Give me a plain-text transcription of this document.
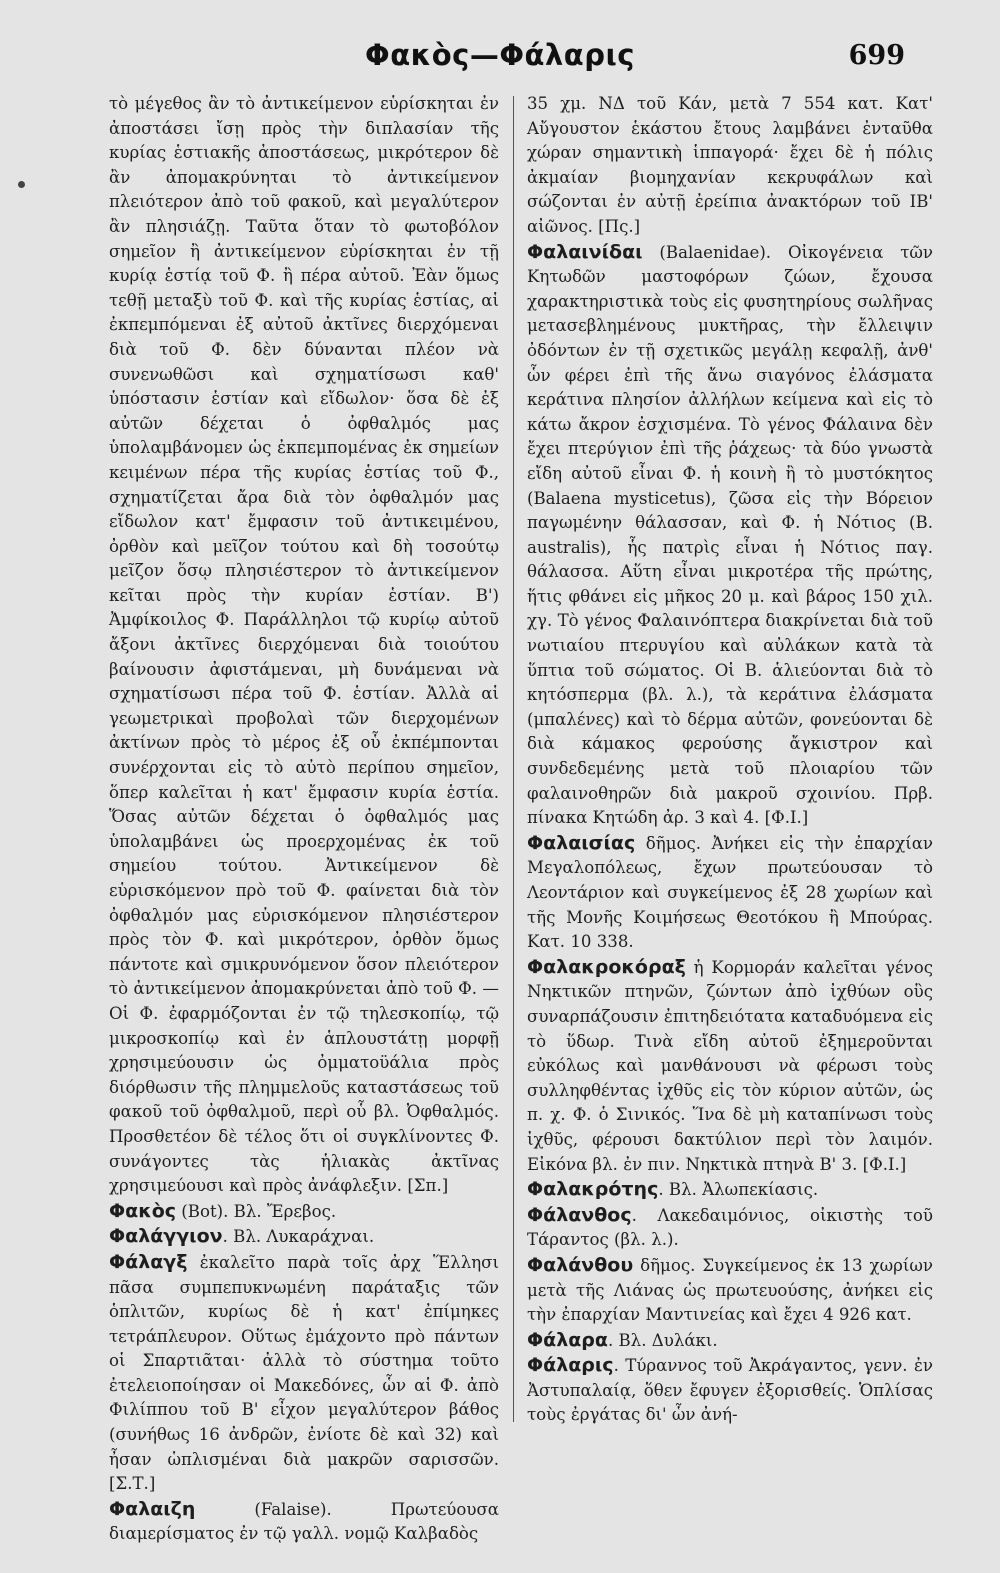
Φακὸς—Φάλαρις	699

τὸ μέγεθος ἂν τὸ ἀντικείμενον εὑρίσκηται ἐν ἀποστάσει ἴσῃ πρὸς τὴν διπλασίαν τῆς κυρίας ἑστιακῆς ἀποστάσεως, μικρότερον δὲ ἂν ἀπομακρύνηται τὸ ἀντικείμενον πλειότερον ἀπὸ τοῦ φακοῦ, καὶ μεγαλύτερον ἂν πλησιάζῃ. Ταῦτα ὅταν τὸ φωτοβόλον σημεῖον ἢ ἀντικείμενον εὑρίσκηται ἐν τῇ κυρίᾳ ἑστίᾳ τοῦ Φ. ἢ πέρα αὐτοῦ. Ἐὰν ὅμως τεθῇ μεταξὺ τοῦ Φ. καὶ τῆς κυρίας ἑστίας, αἱ ἐκπεμπόμεναι ἐξ αὐτοῦ ἀκτῖνες διερχόμεναι διὰ τοῦ Φ. δὲν δύνανται πλέον νὰ συνενωθῶσι καὶ σχηματίσωσι καθ' ὑπόστασιν ἑστίαν καὶ εἴδωλον· ὅσα δὲ ἐξ αὐτῶν δέχεται ὁ ὀφθαλμός μας ὑπολαμβάνομεν ὡς ἐκπεμπομένας ἐκ σημείων κειμένων πέρα τῆς κυρίας ἑστίας τοῦ Φ., σχηματίζεται ἄρα διὰ τὸν ὀφθαλμόν μας εἴδωλον κατ' ἔμφασιν τοῦ ἀντικειμένου, ὀρθὸν καὶ μεῖζον τούτου καὶ δὴ τοσούτῳ μεῖζον ὅσῳ πλησιέστερον τὸ ἀντικείμενον κεῖται πρὸς τὴν κυρίαν ἑστίαν. Β') Ἀμφίκοιλος Φ. Παράλληλοι τῷ κυρίῳ αὐτοῦ ἄξονι ἀκτῖνες διερχόμεναι διὰ τοιούτου βαίνουσιν ἀφιστάμεναι, μὴ δυνάμεναι νὰ σχηματίσωσι πέρα τοῦ Φ. ἑστίαν. Ἀλλὰ αἱ γεωμετρικαὶ προβολαὶ τῶν διερχομένων ἀκτίνων πρὸς τὸ μέρος ἐξ οὗ ἐκπέμπονται συνέρχονται εἰς τὸ αὐτὸ περίπου σημεῖον, ὅπερ καλεῖται ἡ κατ' ἔμφασιν κυρία ἑστία. Ὅσας αὐτῶν δέχεται ὁ ὀφθαλμός μας ὑπολαμβάνει ὡς προερχομένας ἐκ τοῦ σημείου τούτου. Ἀντικείμενον δὲ εὑρισκόμενον πρὸ τοῦ Φ. φαίνεται διὰ τὸν ὀφθαλμόν μας εὑρισκόμενον πλησιέστερον πρὸς τὸν Φ. καὶ μικρότερον, ὀρθὸν ὅμως πάντοτε καὶ σμικρυνόμενον ὅσον πλειότερον τὸ ἀντικείμενον ἀπομακρύνεται ἀπὸ τοῦ Φ. — Οἱ Φ. ἐφαρμόζονται ἐν τῷ τηλεσκοπίῳ, τῷ μικροσκοπίῳ καὶ ἐν ἁπλουστάτῃ μορφῇ χρησιμεύουσιν ὡς ὀμματοϋάλια πρὸς διόρθωσιν τῆς πλημμελοῦς καταστάσεως τοῦ φακοῦ τοῦ ὀφθαλμοῦ, περὶ οὗ βλ. Ὀφθαλμός. Προσθετέον δὲ τέλος ὅτι οἱ συγκλίνοντες Φ. συνάγοντες τὰς ἡλιακὰς ἀκτῖνας χρησιμεύουσι καὶ πρὸς ἀνάφλεξιν. [Σπ.]

Φακὸς (Bot). Βλ. Ἔρεβος.

Φαλάγγιον. Βλ. Λυκαράχναι.

Φάλαγξ ἐκαλεῖτο παρὰ τοῖς ἀρχ Ἕλλησι πᾶσα συμπεπυκνωμένη παράταξις τῶν ὁπλιτῶν, κυρίως δὲ ἡ κατ' ἐπίμηκες τετράπλευρον. Οὕτως ἐμάχοντο πρὸ πάντων οἱ Σπαρτιᾶται· ἀλλὰ τὸ σύστημα τοῦτο ἐτελειοποίησαν οἱ Μακεδόνες, ὧν αἱ Φ. ἀπὸ Φιλίππου τοῦ Β' εἶχον μεγαλύτερον βάθος (συνήθως 16 ἀνδρῶν, ἐνίοτε δὲ καὶ 32) καὶ ἦσαν ὡπλισμέναι διὰ μακρῶν σαρισσῶν. [Σ.Τ.]

Φαλαιζη (Falaise). Πρωτεύουσα διαμερίσματος ἐν τῷ γαλλ. νομῷ Καλβαδὸς

35 χμ. ΝΔ τοῦ Κάν, μετὰ 7 554 κατ. Κατ' Αὔγουστον ἑκάστου ἔτους λαμβάνει ἐνταῦθα χώραν σημαντικὴ ἱππαγορά· ἔχει δὲ ἡ πόλις ἀκμαίαν βιομηχανίαν κεκρυφάλων καὶ σώζονται ἐν αὐτῇ ἐρείπια ἀνακτόρων τοῦ ΙΒ' αἰῶνος. [Πς.]

Φαλαινίδαι (Balaenidae). Οἰκογένεια τῶν Κητωδῶν μαστοφόρων ζώων, ἔχουσα χαρακτηριστικὰ τοὺς εἰς φυσητηρίους σωλῆνας μετασεβλημένους μυκτῆρας, τὴν ἔλλειψιν ὀδόντων ἐν τῇ σχετικῶς μεγάλῃ κεφαλῇ, ἀνθ' ὧν φέρει ἐπὶ τῆς ἄνω σιαγόνος ἐλάσματα κεράτινα πλησίον ἀλλήλων κείμενα καὶ εἰς τὸ κάτω ἄκρον ἐσχισμένα. Τὸ γένος Φάλαινα δὲν ἔχει πτερύγιον ἐπὶ τῆς ῥάχεως· τὰ δύο γνωστὰ εἴδη αὐτοῦ εἶναι Φ. ἡ κοινὴ ἢ τὸ μυστόκητος (Balaena mysticetus), ζῶσα εἰς τὴν Βόρειον παγωμένην θάλασσαν, καὶ Φ. ἡ Νότιος (B. australis), ἧς πατρὶς εἶναι ἡ Νότιος παγ. θάλασσα. Αὕτη εἶναι μικροτέρα τῆς πρώτης, ἥτις φθάνει εἰς μῆκος 20 μ. καὶ βάρος 150 χιλ. χγ. Τὸ γένος Φαλαινόπτερα διακρίνεται διὰ τοῦ νωτιαίου πτερυγίου καὶ αὐλάκων κατὰ τὰ ὕπτια τοῦ σώματος. Οἱ Β. ἁλιεύονται διὰ τὸ κητόσπερμα (βλ. λ.), τὰ κεράτινα ἐλάσματα (μπαλένες) καὶ τὸ δέρμα αὐτῶν, φονεύονται δὲ διὰ κάμακος φερούσης ἄγκιστρον καὶ συνδεδεμένης μετὰ τοῦ πλοιαρίου τῶν φαλαινοθηρῶν διὰ μακροῦ σχοινίου. Πρβ. πίνακα Κητώδη ἀρ. 3 καὶ 4. [Φ.Ι.]

Φαλαισίας δῆμος. Ἀνήκει εἰς τὴν ἐπαρχίαν Μεγαλοπόλεως, ἔχων πρωτεύουσαν τὸ Λεοντάριον καὶ συγκείμενος ἐξ 28 χωρίων καὶ τῆς Μονῆς Κοιμήσεως Θεοτόκου ἢ Μπούρας. Κατ. 10 338.

Φαλακροκόραξ ἡ Κορμοράν καλεῖται γένος Νηκτικῶν πτηνῶν, ζώντων ἀπὸ ἰχθύων οὓς συναρπάζουσιν ἐπιτηδειότατα καταδυόμενα εἰς τὸ ὕδωρ. Τινὰ εἴδη αὐτοῦ ἐξημεροῦνται εὐκόλως καὶ μανθάνουσι νὰ φέρωσι τοὺς συλληφθέντας ἰχθῦς εἰς τὸν κύριον αὐτῶν, ὡς π. χ. Φ. ὁ Σινικός. Ἵνα δὲ μὴ καταπίνωσι τοὺς ἰχθῦς, φέρουσι δακτύλιον περὶ τὸν λαιμόν. Εἰκόνα βλ. ἐν πιν. Νηκτικὰ πτηνὰ Β' 3. [Φ.Ι.]

Φαλακρότης. Βλ. Ἀλωπεκίασις.

Φάλανθος. Λακεδαιμόνιος, οἰκιστὴς τοῦ Τάραντος (βλ. λ.).

Φαλάνθου δῆμος. Συγκείμενος ἐκ 13 χωρίων μετὰ τῆς Λιάνας ὡς πρωτευούσης, ἀνήκει εἰς τὴν ἐπαρχίαν Μαντινείας καὶ ἔχει 4 926 κατ.

Φάλαρα. Βλ. Δυλάκι.

Φάλαρις. Τύραννος τοῦ Ἀκράγαντος, γενν. ἐν Ἀστυπαλαίᾳ, ὅθεν ἔφυγεν ἐξορισθείς. Ὁπλίσας τοὺς ἐργάτας δι' ὧν ἀνή-
